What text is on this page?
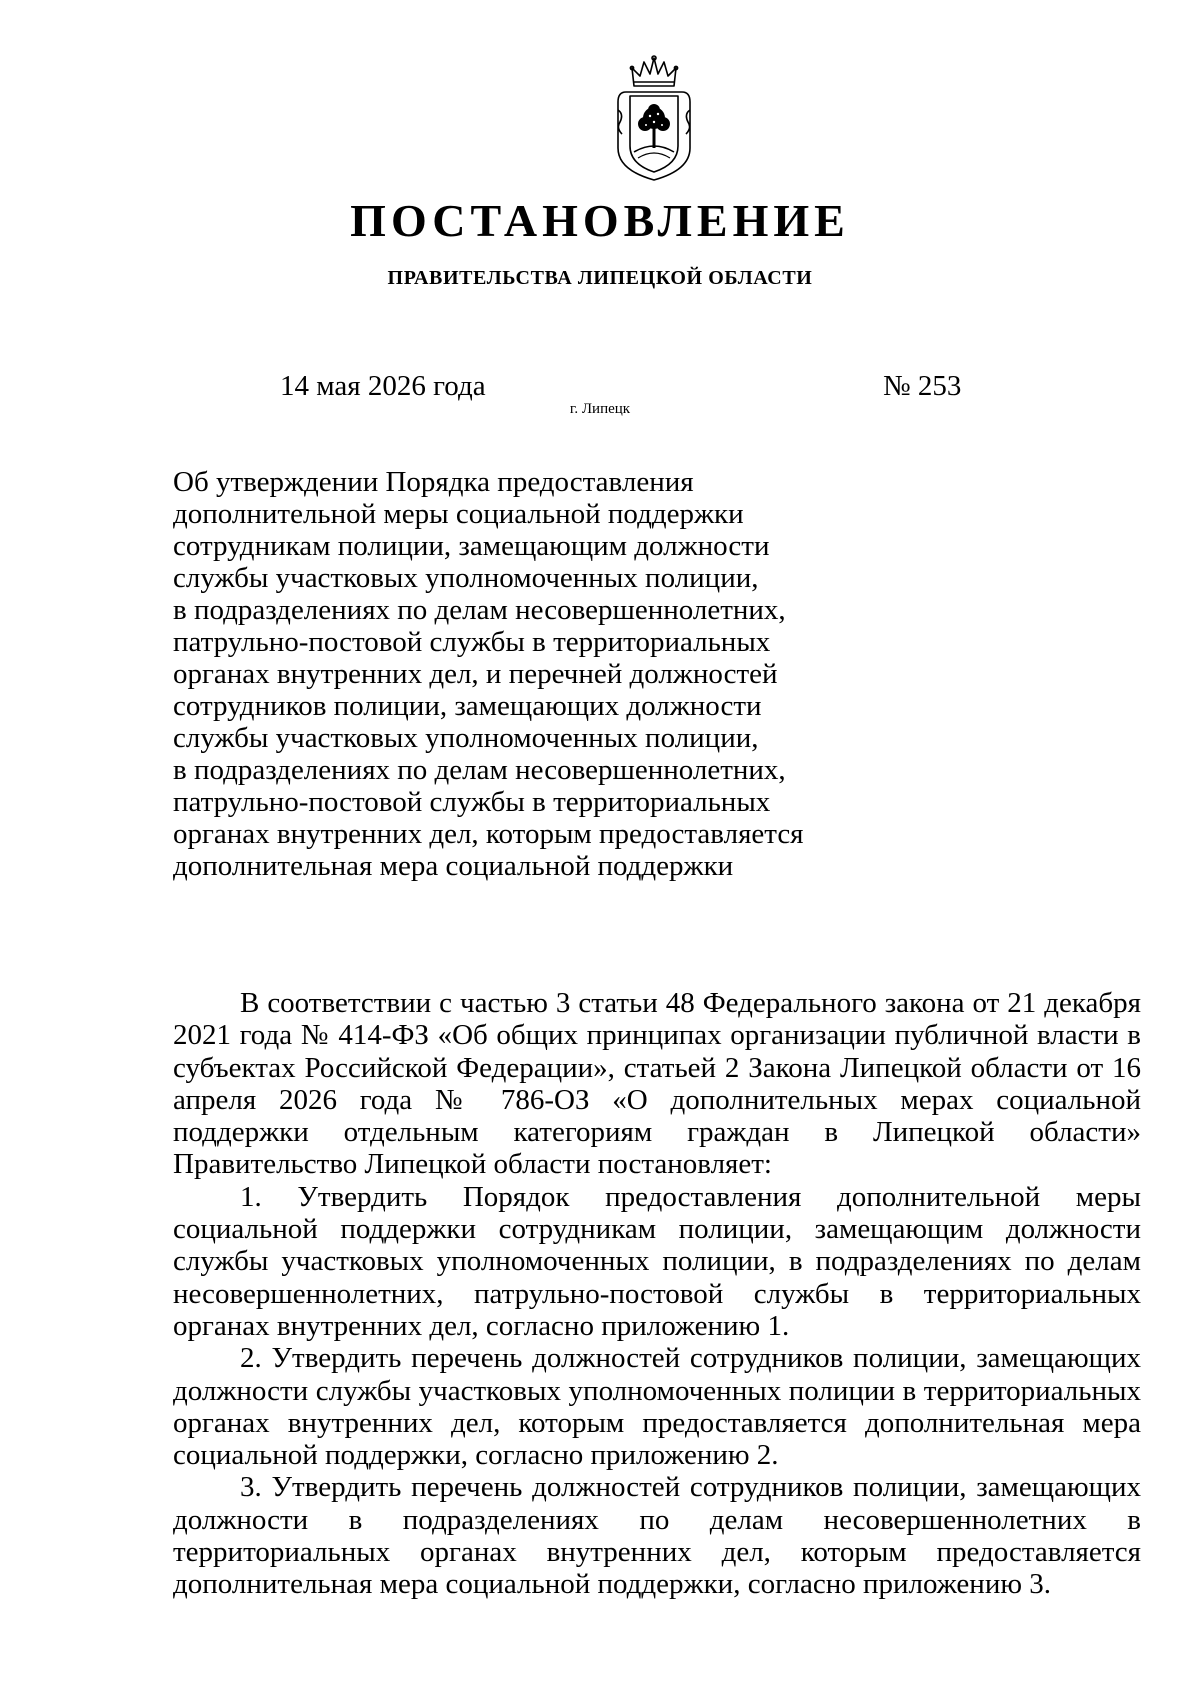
ПОСТАНОВЛЕНИЕ
ПРАВИТЕЛЬСТВА ЛИПЕЦКОЙ ОБЛАСТИ
14 мая 2026 года
г. Липецк
№ 253

Об утверждении Порядка предоставления
дополнительной меры социальной поддержки
сотрудникам полиции, замещающим должности
службы участковых уполномоченных полиции,
в подразделениях по делам несовершеннолетних,
патрульно-постовой службы в территориальных
органах внутренних дел, и перечней должностей
сотрудников полиции, замещающих должности
службы участковых уполномоченных полиции,
в подразделениях по делам несовершеннолетних,
патрульно-постовой службы в территориальных
органах внутренних дел, которым предоставляется
дополнительная мера социальной поддержки

В соответствии с частью 3 статьи 48 Федерального закона от 21 декабря 2021 года № 414-ФЗ «Об общих принципах организации публичной власти в субъектах Российской Федерации», статьей 2 Закона Липецкой области от 16 апреля 2026 года № 786-ОЗ «О дополнительных мерах социальной поддержки отдельным категориям граждан в Липецкой области» Правительство Липецкой области постановляет:

1. Утвердить Порядок предоставления дополнительной меры социальной поддержки сотрудникам полиции, замещающим должности службы участковых уполномоченных полиции, в подразделениях по делам несовершеннолетних, патрульно-постовой службы в территориальных органах внутренних дел, согласно приложению 1.

2. Утвердить перечень должностей сотрудников полиции, замещающих должности службы участковых уполномоченных полиции в территориальных органах внутренних дел, которым предоставляется дополнительная мера социальной поддержки, согласно приложению 2.

3. Утвердить перечень должностей сотрудников полиции, замещающих должности в подразделениях по делам несовершеннолетних в территориальных органах внутренних дел, которым предоставляется дополнительная мера социальной поддержки, согласно приложению 3.
